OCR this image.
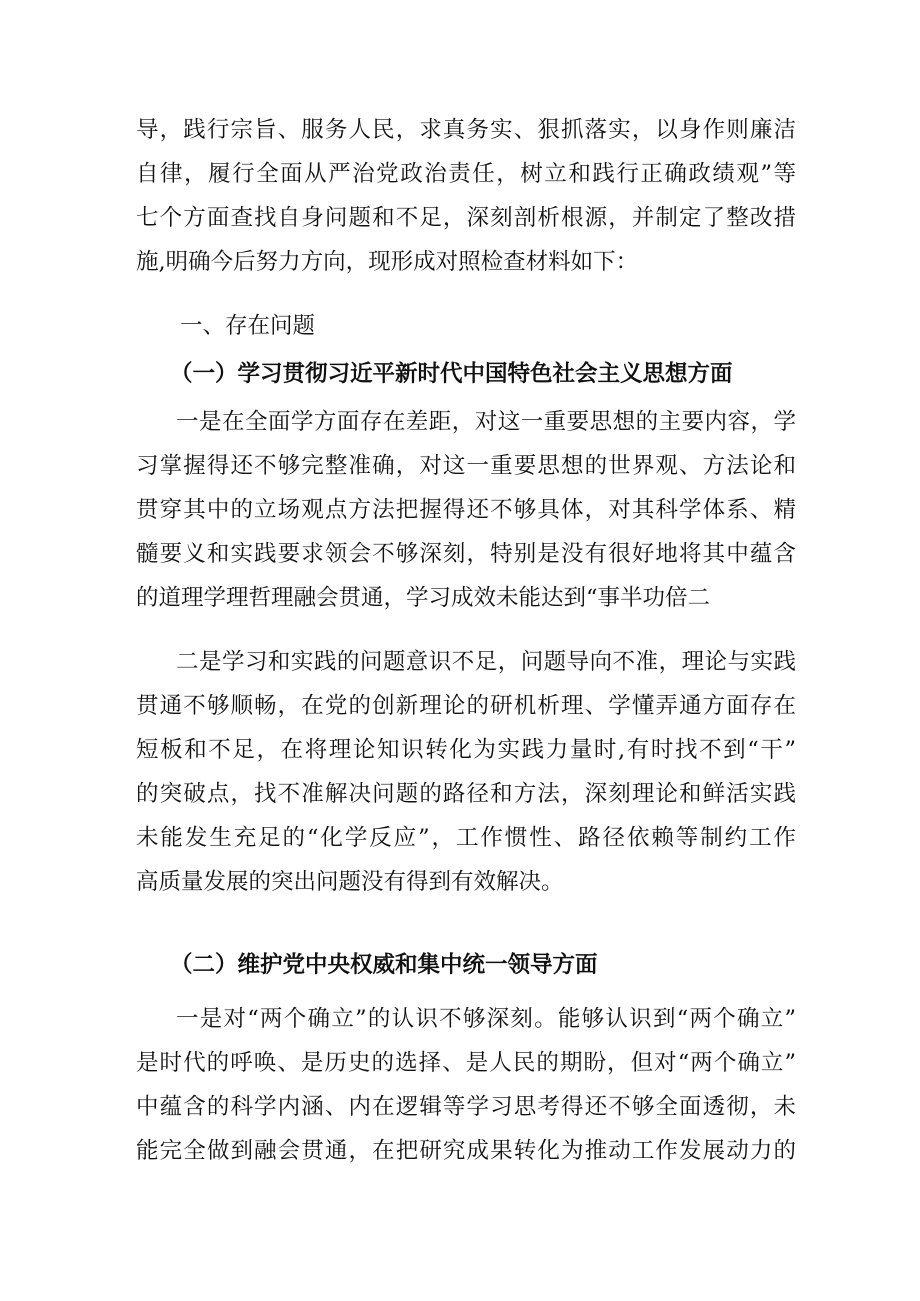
导，践行宗旨、服务人民，求真务实、狠抓落实，以身作则廉洁
自律，履行全面从严治党政治责任，树立和践行正确政绩观”等
七个方面查找自身问题和不足，深刻剖析根源，并制定了整改措
施,明确今后努力方向，现形成对照检查材料如下：
一、存在问题
（一）学习贯彻习近平新时代中国特色社会主义思想方面
一是在全面学方面存在差距，对这一重要思想的主要内容，学
习掌握得还不够完整准确，对这一重要思想的世界观、方法论和
贯穿其中的立场观点方法把握得还不够具体，对其科学体系、精
髓要义和实践要求领会不够深刻，特别是没有很好地将其中蕴含
的道理学理哲理融会贯通，学习成效未能达到“事半功倍二
二是学习和实践的问题意识不足，问题导向不准，理论与实践
贯通不够顺畅，在党的创新理论的研机析理、学懂弄通方面存在
短板和不足，在将理论知识转化为实践力量时,有时找不到“干”
的突破点，找不准解决问题的路径和方法，深刻理论和鲜活实践
未能发生充足的“化学反应”，工作惯性、路径依赖等制约工作
高质量发展的突出问题没有得到有效解决。
（二）维护党中央权威和集中统一领导方面
一是对“两个确立”的认识不够深刻。能够认识到“两个确立”
是时代的呼唤、是历史的选择、是人民的期盼，但对“两个确立”
中蕴含的科学内涵、内在逻辑等学习思考得还不够全面透彻，未
能完全做到融会贯通，在把研究成果转化为推动工作发展动力的
